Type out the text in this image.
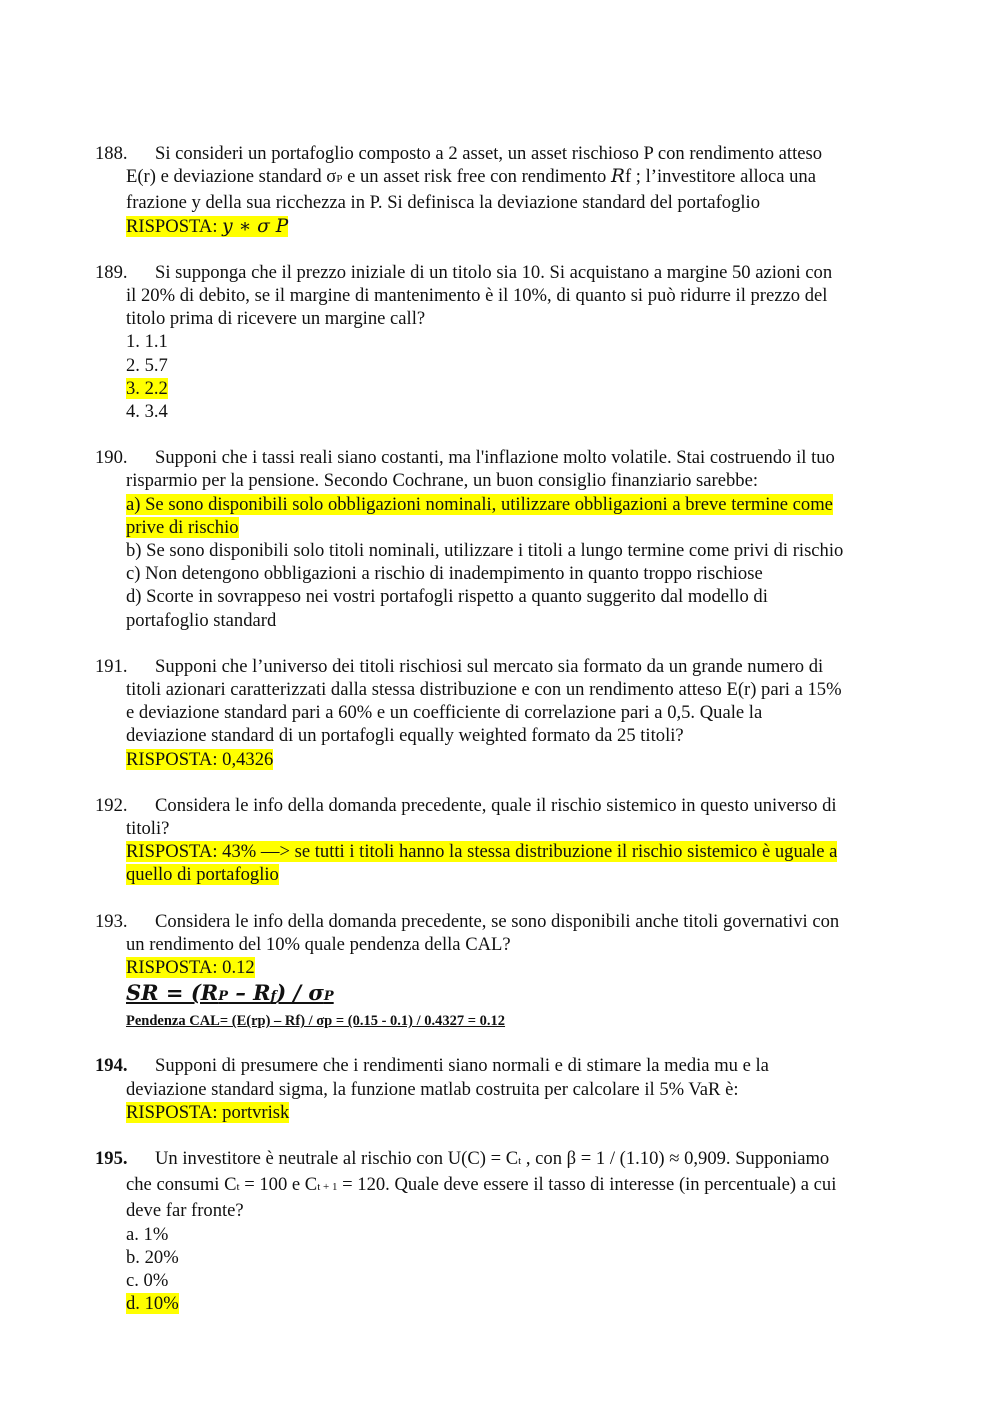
188. Si consideri un portafoglio composto a 2 asset, un asset rischioso P con rendimento atteso
E(r) e deviazione standard σP e un asset risk free con rendimento Rf ; l’investitore alloca una
frazione y della sua ricchezza in P. Si definisca la deviazione standard del portafoglio
RISPOSTA: y ∗ σ P
189. Si supponga che il prezzo iniziale di un titolo sia 10. Si acquistano a margine 50 azioni con
il 20% di debito, se il margine di mantenimento è il 10%, di quanto si può ridurre il prezzo del
titolo prima di ricevere un margine call?
1. 1.1
2. 5.7
3. 2.2
4. 3.4
190. Supponi che i tassi reali siano costanti, ma l'inflazione molto volatile. Stai costruendo il tuo
risparmio per la pensione. Secondo Cochrane, un buon consiglio finanziario sarebbe:
a) Se sono disponibili solo obbligazioni nominali, utilizzare obbligazioni a breve termine come
prive di rischio
b) Se sono disponibili solo titoli nominali, utilizzare i titoli a lungo termine come privi di rischio
c) Non detengono obbligazioni a rischio di inadempimento in quanto troppo rischiose
d) Scorte in sovrappeso nei vostri portafogli rispetto a quanto suggerito dal modello di
portafoglio standard
191. Supponi che l’universo dei titoli rischiosi sul mercato sia formato da un grande numero di
titoli azionari caratterizzati dalla stessa distribuzione e con un rendimento atteso E(r) pari a 15%
e deviazione standard pari a 60% e un coefficiente di correlazione pari a 0,5. Quale la
deviazione standard di un portafogli equally weighted formato da 25 titoli?
RISPOSTA: 0,4326
192. Considera le info della domanda precedente, quale il rischio sistemico in questo universo di
titoli?
RISPOSTA: 43% —> se tutti i titoli hanno la stessa distribuzione il rischio sistemico è uguale a
quello di portafoglio
193. Considera le info della domanda precedente, se sono disponibili anche titoli governativi con
un rendimento del 10% quale pendenza della CAL?
RISPOSTA: 0.12
SR = (RP – Rf) / σP
Pendenza CAL= (E(rp) – Rf) / σp = (0.15 - 0.1) / 0.4327 = 0.12
194. Supponi di presumere che i rendimenti siano normali e di stimare la media mu e la
deviazione standard sigma, la funzione matlab costruita per calcolare il 5% VaR è:
RISPOSTA: portvrisk
195. Un investitore è neutrale al rischio con U(C) = Ct , con β = 1 / (1.10) ≈ 0,909. Supponiamo
che consumi Ct = 100 e Ct + 1 = 120. Quale deve essere il tasso di interesse (in percentuale) a cui
deve far fronte?
a. 1%
b. 20%
c. 0%
d. 10%
